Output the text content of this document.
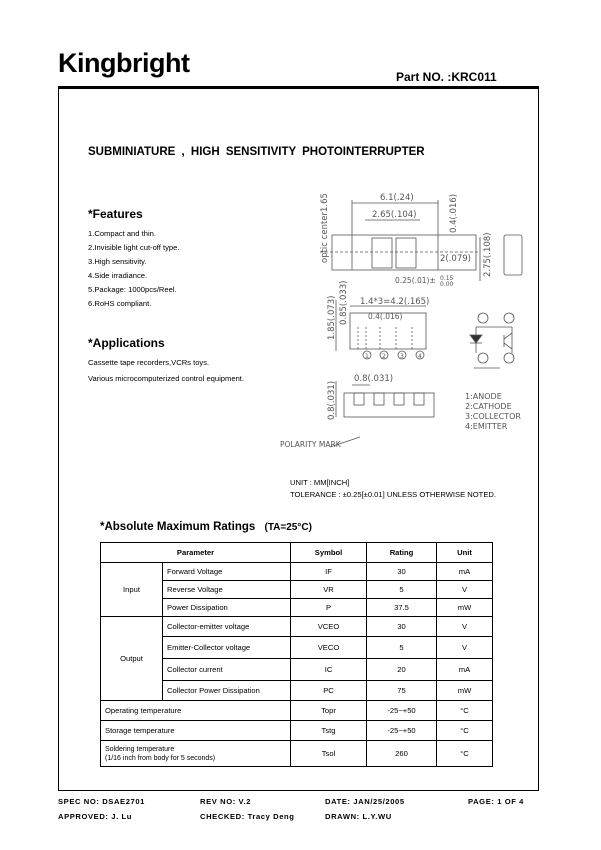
Kingbright	Part NO. :KRC011
SUBMINIATURE , HIGH SENSITIVITY PHOTOINTERRUPTER
*Features
1.Compact and thin.
2.Invisible light cut-off type.
3.High sensitivity.
4.Side irradiance.
5.Package: 1000pcs/Reel.
6.RoHS compliant.
*Applications
Cassette tape recorders,VCRs toys.
Various microcomputerized control equipment.
6.1(.24)
2.65(.104)
2(.079)
0.25(.01)± 0.15
0.00
1.4*3=4.2(.165)
0.4(.016)
0.8(.031)
1:ANODE
2:CATHODE
3:COLLECTOR
4:EMITTER
POLARITY MARK
1 2 3 4
optic center1.65	0.4(.016)
2.75(.108)
1.85(.073) 0.85(.033)
0.8(.031)
UNIT : MM[INCH]
TOLERANCE : ±0.25[±0.01] UNLESS OTHERWISE NOTED.
*Absolute Maximum Ratings (TA=25°C)
Parameter		Symbol	Rating	Unit
Input	Forward Voltage	IF	30	mA
	Reverse Voltage	VR	5	V
	Power Dissipation	P	37.5	mW
Output	Collector-emitter voltage	VCEO	30	V
	Emitter-Collector voltage	VECO	5	V
	Collector current	IC	20	mA
	Collector Power Dissipation	PC	75	mW
Operating temperature		Topr	-25~+50	°C
Storage temperature		Tstg	-25~+50	°C

Soldering temperature
(1/16 inch from body for 5 seconds)		Tsol	260	°C
SPEC NO: DSAE2701	REV NO: V.2	DATE: JAN/25/2005	PAGE: 1 OF 4
APPROVED: J. Lu	CHECKED: Tracy Deng	DRAWN: L.Y.WU
